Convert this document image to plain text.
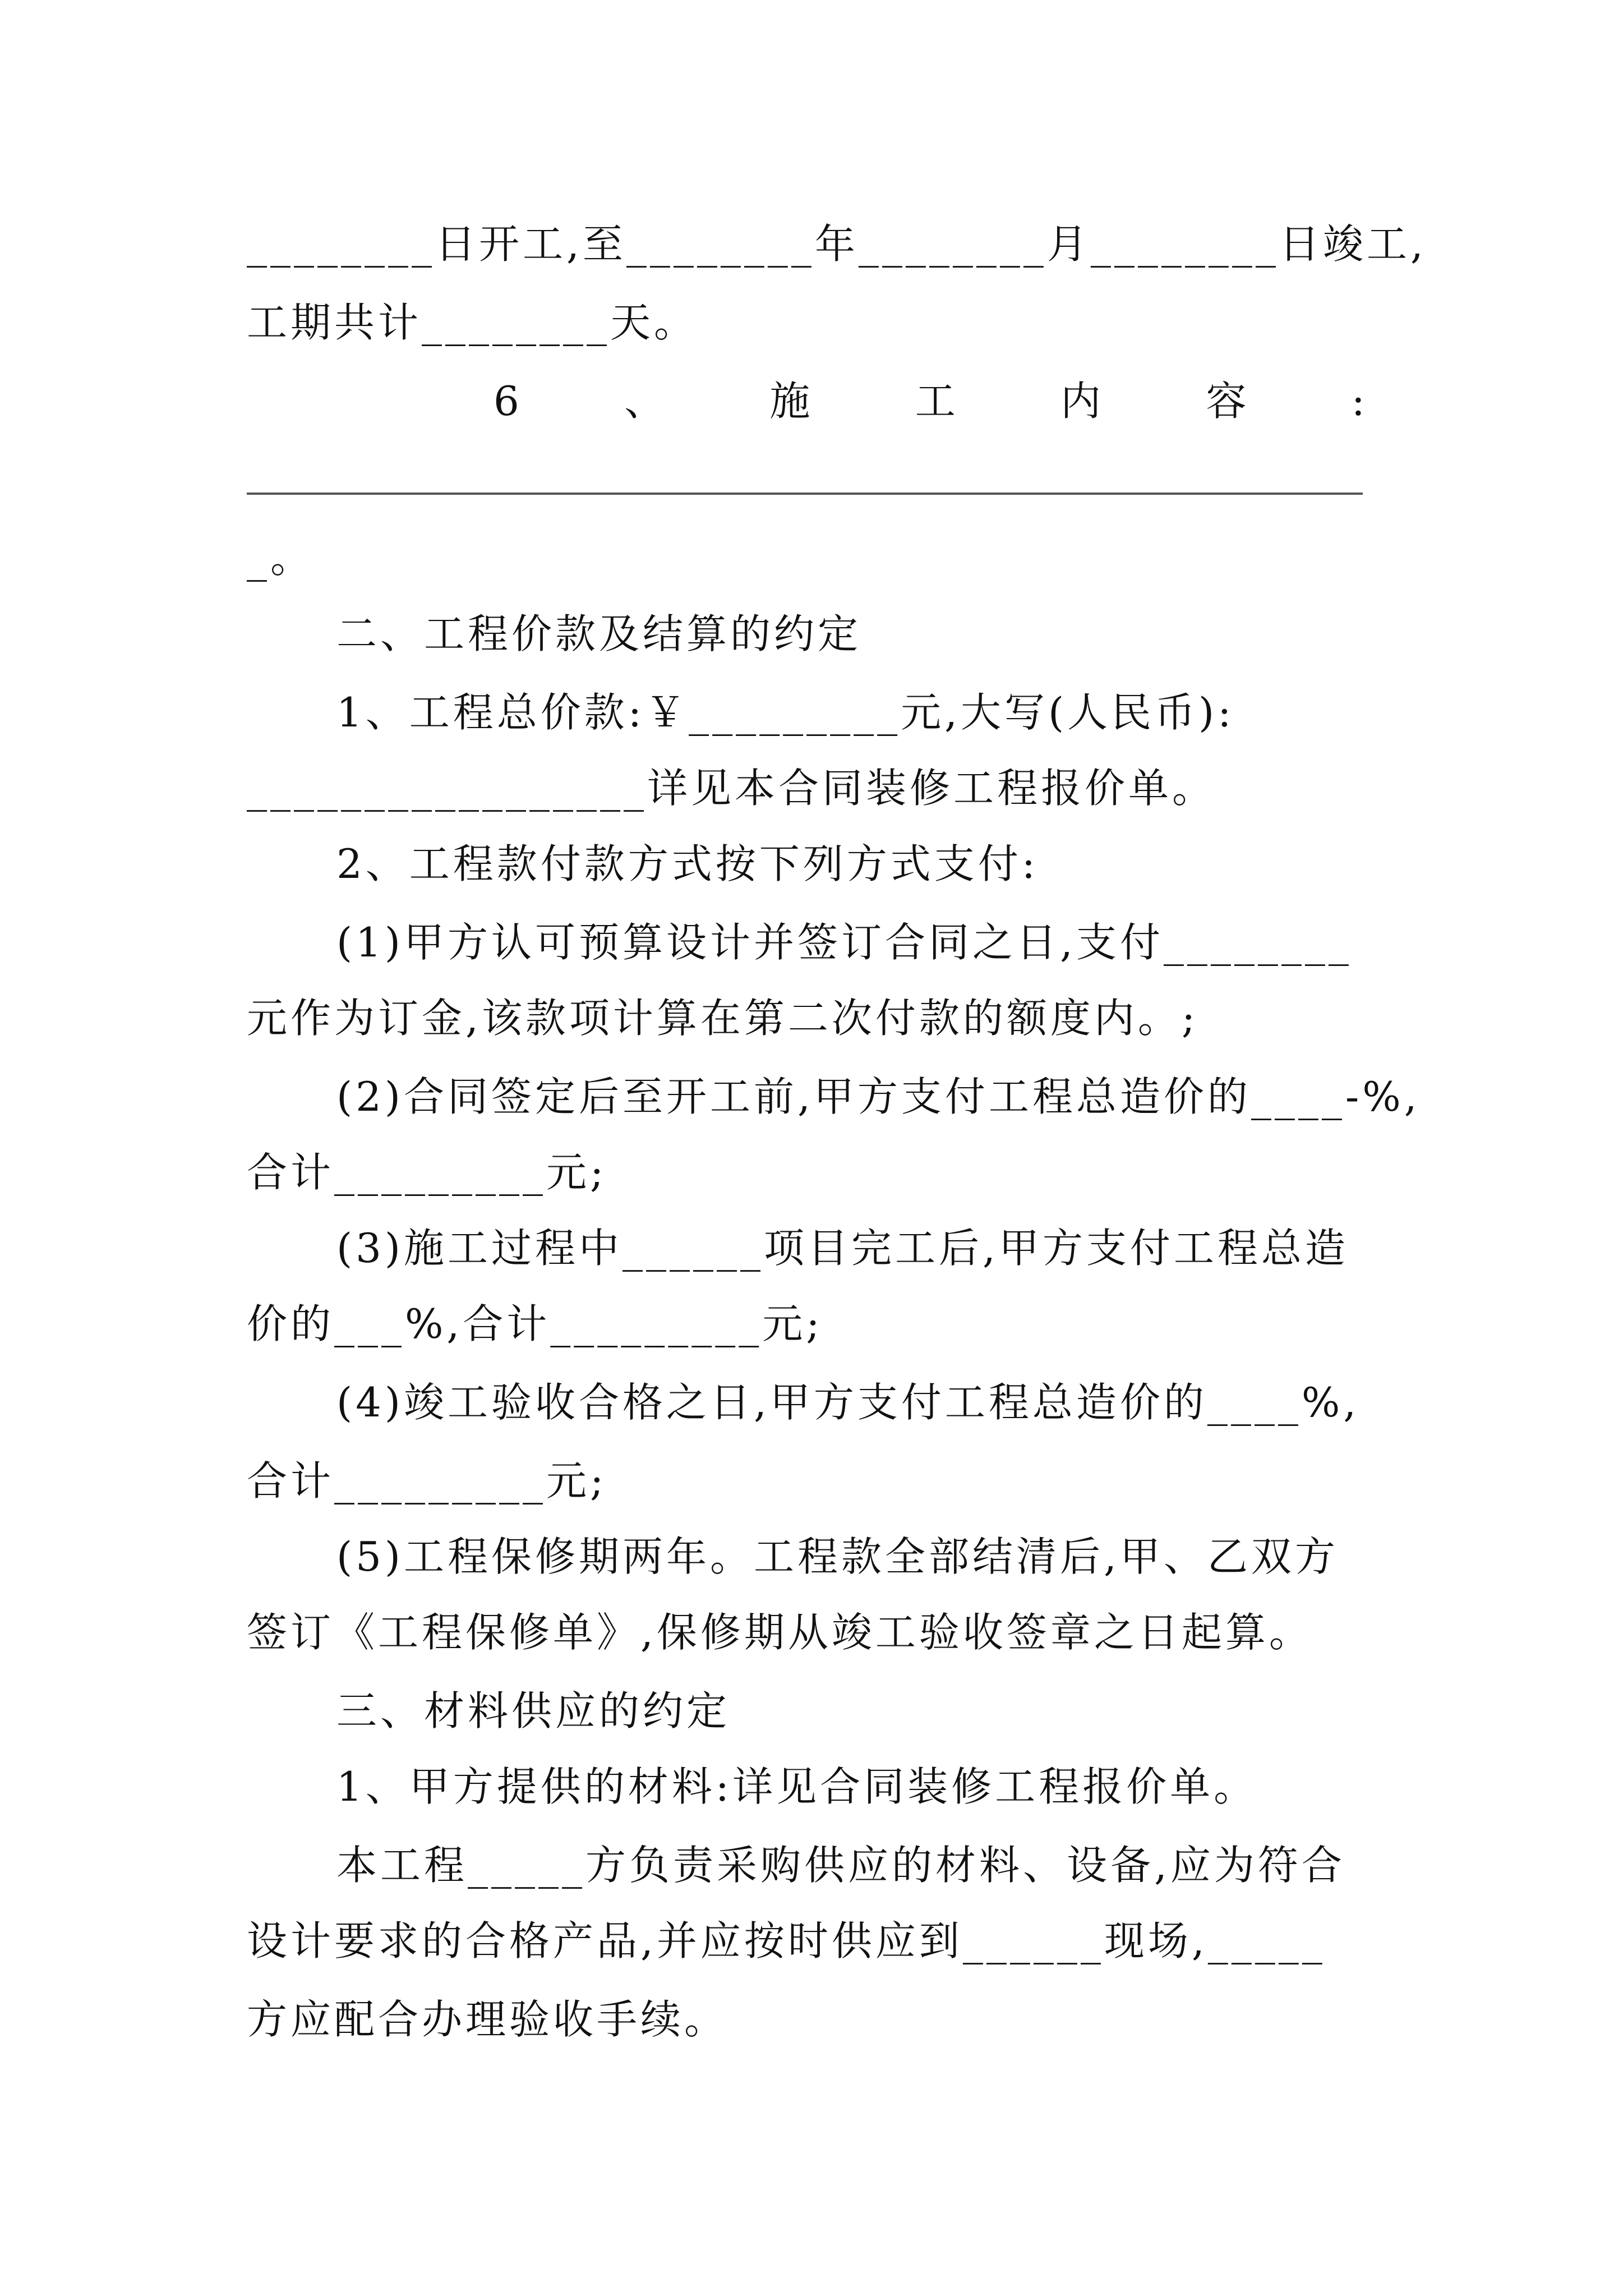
________日开工,至________年________月________日竣工,
工期共计________天。
6	、	施	工	内	容	:
_。
二、工程价款及结算的约定
1、工程总价款:￥_________元,大写(人民币):
_________________详见本合同装修工程报价单。
2、工程款付款方式按下列方式支付:
(1)甲方认可预算设计并签订合同之日,支付________
元作为订金,该款项计算在第二次付款的额度内。;
(2)合同签定后至开工前,甲方支付工程总造价的____-%,
合计_________元;
(3)施工过程中______项目完工后,甲方支付工程总造
价的___%,合计_________元;
(4)竣工验收合格之日,甲方支付工程总造价的____%,
合计_________元;
(5)工程保修期两年。工程款全部结清后,甲、乙双方
签订《工程保修单》,保修期从竣工验收签章之日起算。
三、材料供应的约定
1、甲方提供的材料:详见合同装修工程报价单。
本工程_____方负责采购供应的材料、设备,应为符合
设计要求的合格产品,并应按时供应到______现场,_____
方应配合办理验收手续。
